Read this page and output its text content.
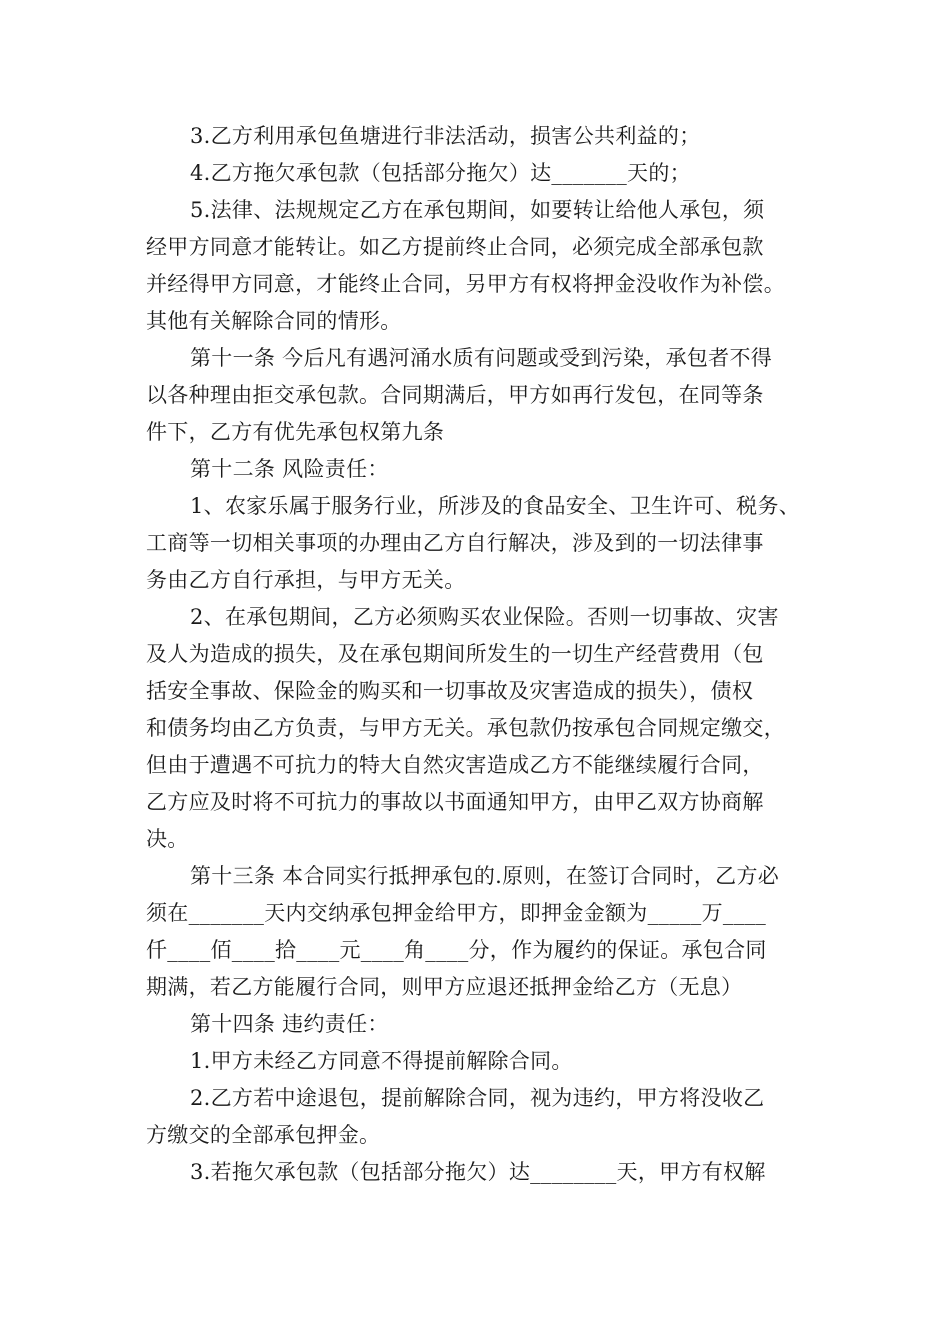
3.乙方利用承包鱼塘进行非法活动，损害公共利益的；
4.乙方拖欠承包款（包括部分拖欠）达_______天的；
5.法律、法规规定乙方在承包期间，如要转让给他人承包，须
经甲方同意才能转让。如乙方提前终止合同，必须完成全部承包款
并经得甲方同意，才能终止合同，另甲方有权将押金没收作为补偿。
其他有关解除合同的情形。
第十一条 今后凡有遇河涌水质有问题或受到污染，承包者不得
以各种理由拒交承包款。合同期满后，甲方如再行发包，在同等条
件下，乙方有优先承包权第九条
第十二条 风险责任：
1、农家乐属于服务行业，所涉及的食品安全、卫生许可、税务、
工商等一切相关事项的办理由乙方自行解决，涉及到的一切法律事
务由乙方自行承担，与甲方无关。
2、在承包期间，乙方必须购买农业保险。否则一切事故、灾害
及人为造成的损失，及在承包期间所发生的一切生产经营费用（包
括安全事故、保险金的购买和一切事故及灾害造成的损失），债权
和债务均由乙方负责，与甲方无关。承包款仍按承包合同规定缴交，
但由于遭遇不可抗力的特大自然灾害造成乙方不能继续履行合同，
乙方应及时将不可抗力的事故以书面通知甲方，由甲乙双方协商解
决。
第十三条 本合同实行抵押承包的.原则，在签订合同时，乙方必
须在_______天内交纳承包押金给甲方，即押金金额为_____万____
仟____佰____拾____元____角____分，作为履约的保证。承包合同
期满，若乙方能履行合同，则甲方应退还抵押金给乙方（无息）
第十四条 违约责任：
1.甲方未经乙方同意不得提前解除合同。
2.乙方若中途退包，提前解除合同，视为违约，甲方将没收乙
方缴交的全部承包押金。
3.若拖欠承包款（包括部分拖欠）达________天，甲方有权解
